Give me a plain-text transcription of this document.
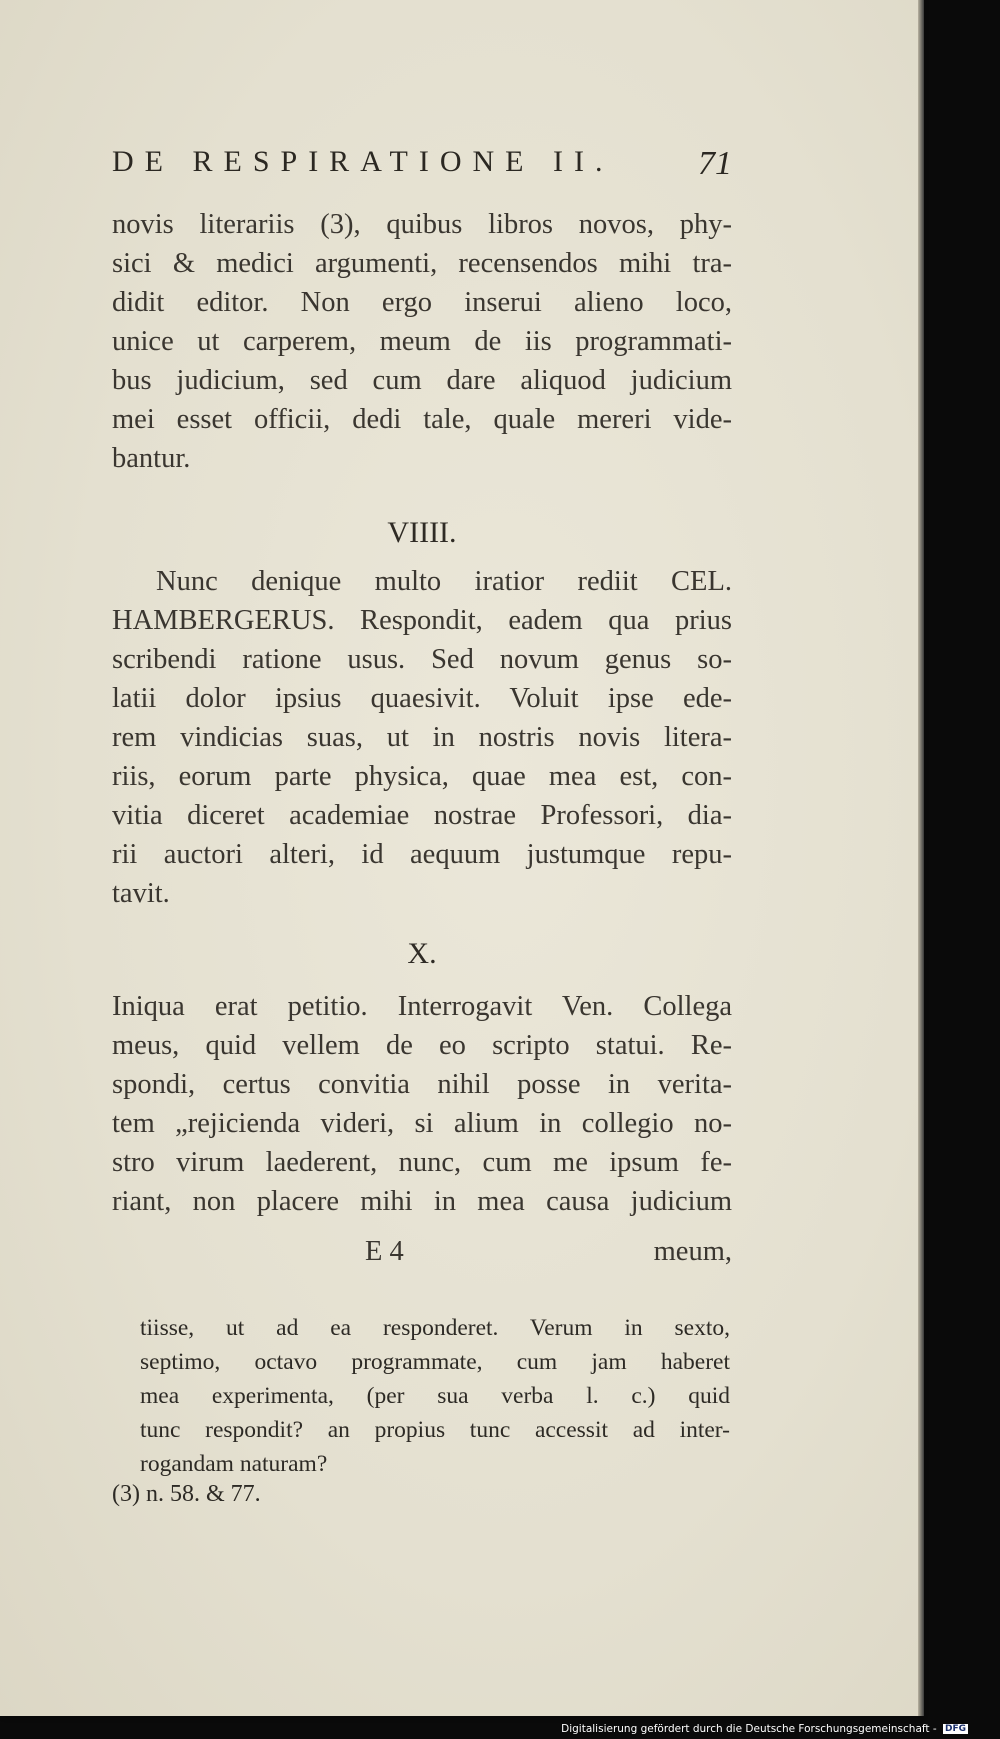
DE RESPIRATIONE II. 71
novis literariis (3), quibus libros novos, phy-
sici & medici argumenti, recensendos mihi tra-
didit editor. Non ergo inserui alieno loco,
unice ut carperem, meum de iis programmati-
bus judicium, sed cum dare aliquod judicium
mei esset officii, dedi tale, quale mereri vide-
bantur.
VIIII.
Nunc denique multo iratior rediit CEL.
HAMBERGERUS. Respondit, eadem qua prius
scribendi ratione usus. Sed novum genus so-
latii dolor ipsius quaesivit. Voluit ipse ede-
rem vindicias suas, ut in nostris novis litera-
riis, eorum parte physica, quae mea est, con-
vitia diceret academiae nostrae Professori, dia-
rii auctori alteri, id aequum justumque repu-
tavit.
X.
Iniqua erat petitio. Interrogavit Ven. Collega
meus, quid vellem de eo scripto statui. Re-
spondi, certus convitia nihil posse in verita-
tem „rejicienda videri, si alium in collegio no-
stro virum laederent, nunc, cum me ipsum fe-
riant, non placere mihi in mea causa judicium
E 4	meum,
tiisse, ut ad ea responderet. Verum in sexto,
septimo, octavo programmate, cum jam haberet
mea experimenta, (per sua verba l. c.) quid
tunc respondit? an propius tunc accessit ad inter-
rogandam naturam?
(3) n. 58. & 77.
Digitalisierung gefördert durch die Deutsche Forschungsgemeinschaft - DFG
